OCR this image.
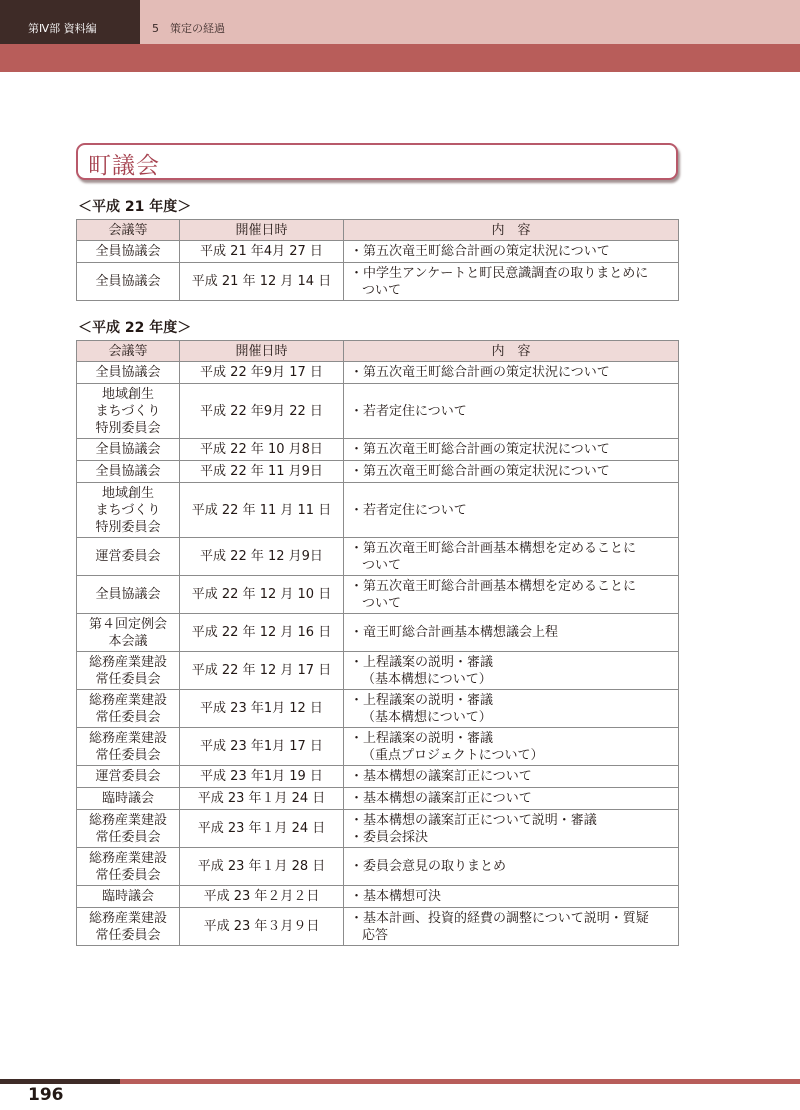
第Ⅳ部 資料編	5　策定の経過
町議会
＜平成 21 年度＞
会議等	開催日時	内　容

全員協議会	平成 21 年4月 27 日	・第五次竜王町総合計画の策定状況について

全員協議会	平成 21 年 12 月 14 日	・中学生アンケートと町民意識調査の取りまとめに
ついて
＜平成 22 年度＞
会議等	開催日時	内　容

全員協議会	平成 22 年9月 17 日	・第五次竜王町総合計画の策定状況について

地域創生
まちづくり
特別委員会	平成 22 年9月 22 日	・若者定住について

全員協議会	平成 22 年 10 月8日	・第五次竜王町総合計画の策定状況について

全員協議会	平成 22 年 11 月9日	・第五次竜王町総合計画の策定状況について

地域創生
まちづくり
特別委員会	平成 22 年 11 月 11 日	・若者定住について

運営委員会	平成 22 年 12 月9日	・第五次竜王町総合計画基本構想を定めることに
ついて

全員協議会	平成 22 年 12 月 10 日	・第五次竜王町総合計画基本構想を定めることに
ついて

第４回定例会
本会議	平成 22 年 12 月 16 日	・竜王町総合計画基本構想議会上程

総務産業建設
常任委員会	平成 22 年 12 月 17 日	・上程議案の説明・審議
（基本構想について）

総務産業建設
常任委員会	平成 23 年1月 12 日	・上程議案の説明・審議
（基本構想について）

総務産業建設
常任委員会	平成 23 年1月 17 日	・上程議案の説明・審議
（重点プロジェクトについて）

運営委員会	平成 23 年1月 19 日	・基本構想の議案訂正について

臨時議会	平成 23 年１月 24 日	・基本構想の議案訂正について

総務産業建設
常任委員会	平成 23 年１月 24 日	・基本構想の議案訂正について説明・審議
・委員会採決

総務産業建設
常任委員会	平成 23 年１月 28 日	・委員会意見の取りまとめ

臨時議会	平成 23 年２月２日	・基本構想可決

総務産業建設
常任委員会	平成 23 年３月９日	・基本計画、投資的経費の調整について説明・質疑
応答
196
